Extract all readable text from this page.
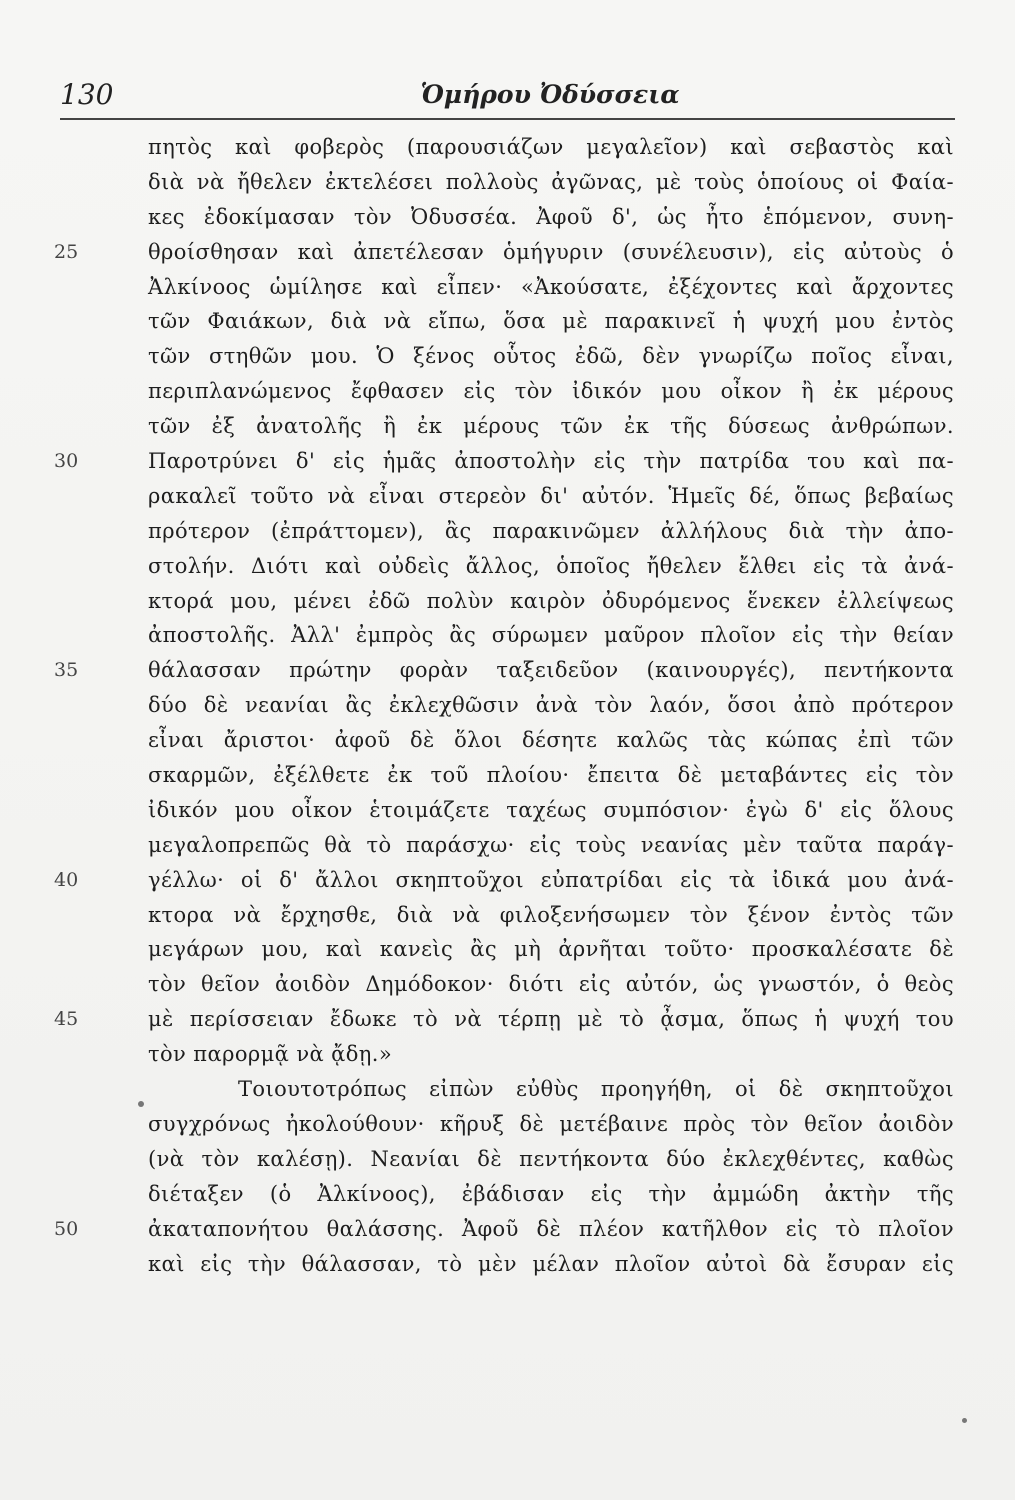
130	Ὁμήρου Ὀδύσσεια
πητὸς καὶ φοβερὸς (παρουσιάζων μεγαλεῖον) καὶ σεβαστὸς καὶ
διὰ νὰ ἤθελεν ἐκτελέσει πολλοὺς ἀγῶνας, μὲ τοὺς ὁποίους οἱ Φαία-
κες ἐδοκίμασαν τὸν Ὀδυσσέα. Ἀφοῦ δ', ὡς ἦτο ἑπόμενον, συνη-
25	θροίσθησαν καὶ ἀπετέλεσαν ὁμήγυριν (συνέλευσιν), εἰς αὐτοὺς ὁ
Ἀλκίνοος ὡμίλησε καὶ εἶπεν· «Ἀκούσατε, ἐξέχοντες καὶ ἄρχοντες
τῶν Φαιάκων, διὰ νὰ εἴπω, ὅσα μὲ παρακινεῖ ἡ ψυχή μου ἐντὸς
τῶν στηθῶν μου. Ὁ ξένος οὗτος ἐδῶ, δὲν γνωρίζω ποῖος εἶναι,
περιπλανώμενος ἔφθασεν εἰς τὸν ἰδικόν μου οἶκον ἢ ἐκ μέρους
τῶν ἐξ ἀνατολῆς ἢ ἐκ μέρους τῶν ἐκ τῆς δύσεως ἀνθρώπων.
30	Παροτρύνει δ' εἰς ἡμᾶς ἀποστολὴν εἰς τὴν πατρίδα του καὶ πα-
ρακαλεῖ τοῦτο νὰ εἶναι στερεὸν δι' αὐτόν. Ἡμεῖς δέ, ὅπως βεβαίως
πρότερον (ἐπράττομεν), ἂς παρακινῶμεν ἀλλήλους διὰ τὴν ἀπο-
στολήν. Διότι καὶ οὐδεὶς ἄλλος, ὁποῖος ἤθελεν ἔλθει εἰς τὰ ἀνά-
κτορά μου, μένει ἐδῶ πολὺν καιρὸν ὀδυρόμενος ἕνεκεν ἐλλείψεως
ἀποστολῆς. Ἀλλ' ἐμπρὸς ἂς σύρωμεν μαῦρον πλοῖον εἰς τὴν θείαν
35	θάλασσαν πρώτην φορὰν ταξειδεῦον (καινουργές), πεντήκοντα
δύο δὲ νεανίαι ἂς ἐκλεχθῶσιν ἀνὰ τὸν λαόν, ὅσοι ἀπὸ πρότερον
εἶναι ἄριστοι· ἀφοῦ δὲ ὅλοι δέσητε καλῶς τὰς κώπας ἐπὶ τῶν
σκαρμῶν, ἐξέλθετε ἐκ τοῦ πλοίου· ἔπειτα δὲ μεταβάντες εἰς τὸν
ἰδικόν μου οἶκον ἑτοιμάζετε ταχέως συμπόσιον· ἐγὼ δ' εἰς ὅλους
μεγαλοπρεπῶς θὰ τὸ παράσχω· εἰς τοὺς νεανίας μὲν ταῦτα παράγ-
40	γέλλω· οἱ δ' ἄλλοι σκηπτοῦχοι εὐπατρίδαι εἰς τὰ ἰδικά μου ἀνά-
κτορα νὰ ἔρχησθε, διὰ νὰ φιλοξενήσωμεν τὸν ξένον ἐντὸς τῶν
μεγάρων μου, καὶ κανεὶς ἂς μὴ ἀρνῆται τοῦτο· προσκαλέσατε δὲ
τὸν θεῖον ἀοιδὸν Δημόδοκον· διότι εἰς αὐτόν, ὡς γνωστόν, ὁ θεὸς
45	μὲ περίσσειαν ἔδωκε τὸ νὰ τέρπῃ μὲ τὸ ᾆσμα, ὅπως ἡ ψυχή του
τὸν παρορμᾷ νὰ ᾄδῃ.»
Τοιουτοτρόπως εἰπὼν εὐθὺς προηγήθη, οἱ δὲ σκηπτοῦχοι
συγχρόνως ἠκολούθουν· κῆρυξ δὲ μετέβαινε πρὸς τὸν θεῖον ἀοιδὸν
(νὰ τὸν καλέσῃ). Νεανίαι δὲ πεντήκοντα δύο ἐκλεχθέντες, καθὼς
διέταξεν (ὁ Ἀλκίνοος), ἐβάδισαν εἰς τὴν ἀμμώδη ἀκτὴν τῆς
50	ἀκαταπονήτου θαλάσσης. Ἀφοῦ δὲ πλέον κατῆλθον εἰς τὸ πλοῖον
καὶ εἰς τὴν θάλασσαν, τὸ μὲν μέλαν πλοῖον αὐτοὶ δὰ ἔσυραν εἰς
